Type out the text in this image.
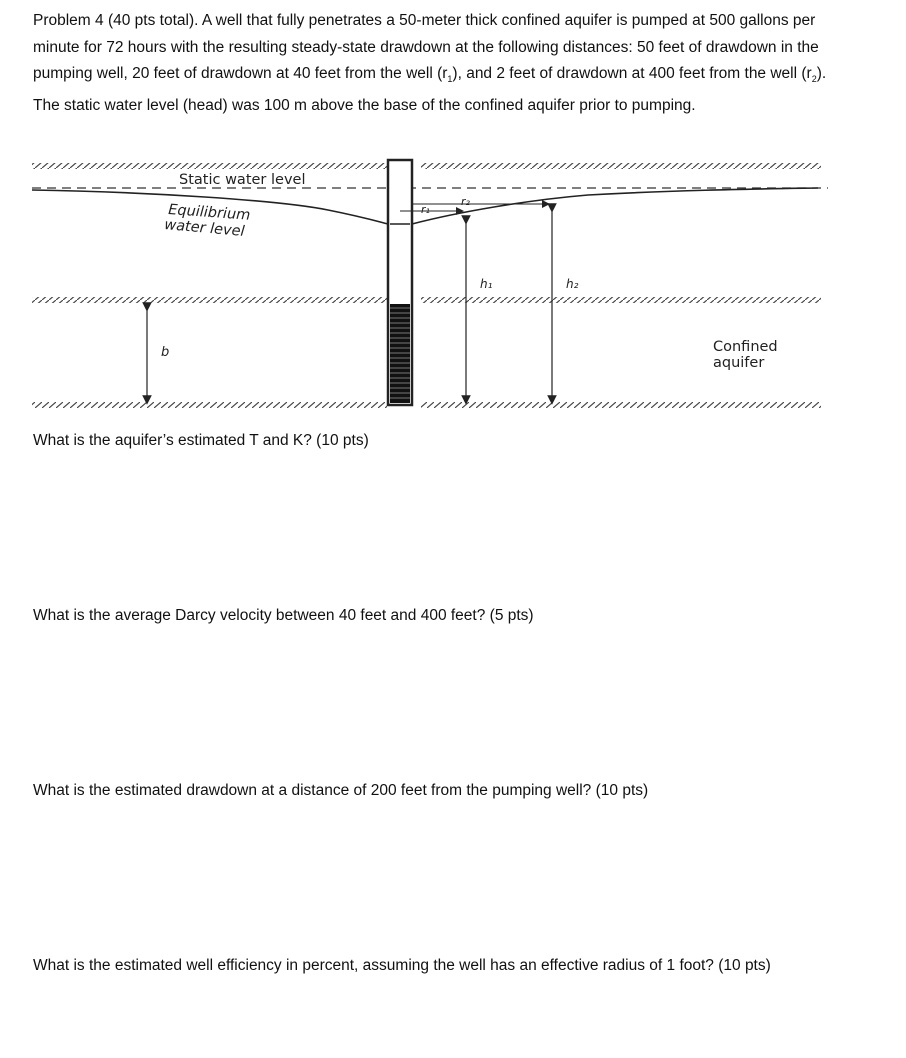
Problem 4 (40 pts total). A well that fully penetrates a 50-meter thick confined aquifer is pumped at 500 gallons per minute for 72 hours with the resulting steady-state drawdown at the following distances: 50 feet of drawdown in the pumping well, 20 feet of drawdown at 40 feet from the well $(r_1)$, and 2 feet of drawdown at 400 feet from the well $(r_2)$. The static water level (head) was 100 m above the base of the confined aquifer prior to pumping.

Static water level
Equilibrium
water level
r₁
r₂
h₁	h₂
b	Confined
aquifer

What is the aquifer’s estimated T and K? (10 pts)

What is the average Darcy velocity between 40 feet and 400 feet? (5 pts)

What is the estimated drawdown at a distance of 200 feet from the pumping well? (10 pts)

What is the estimated well efficiency in percent, assuming the well has an effective radius of 1 foot? (10 pts)
